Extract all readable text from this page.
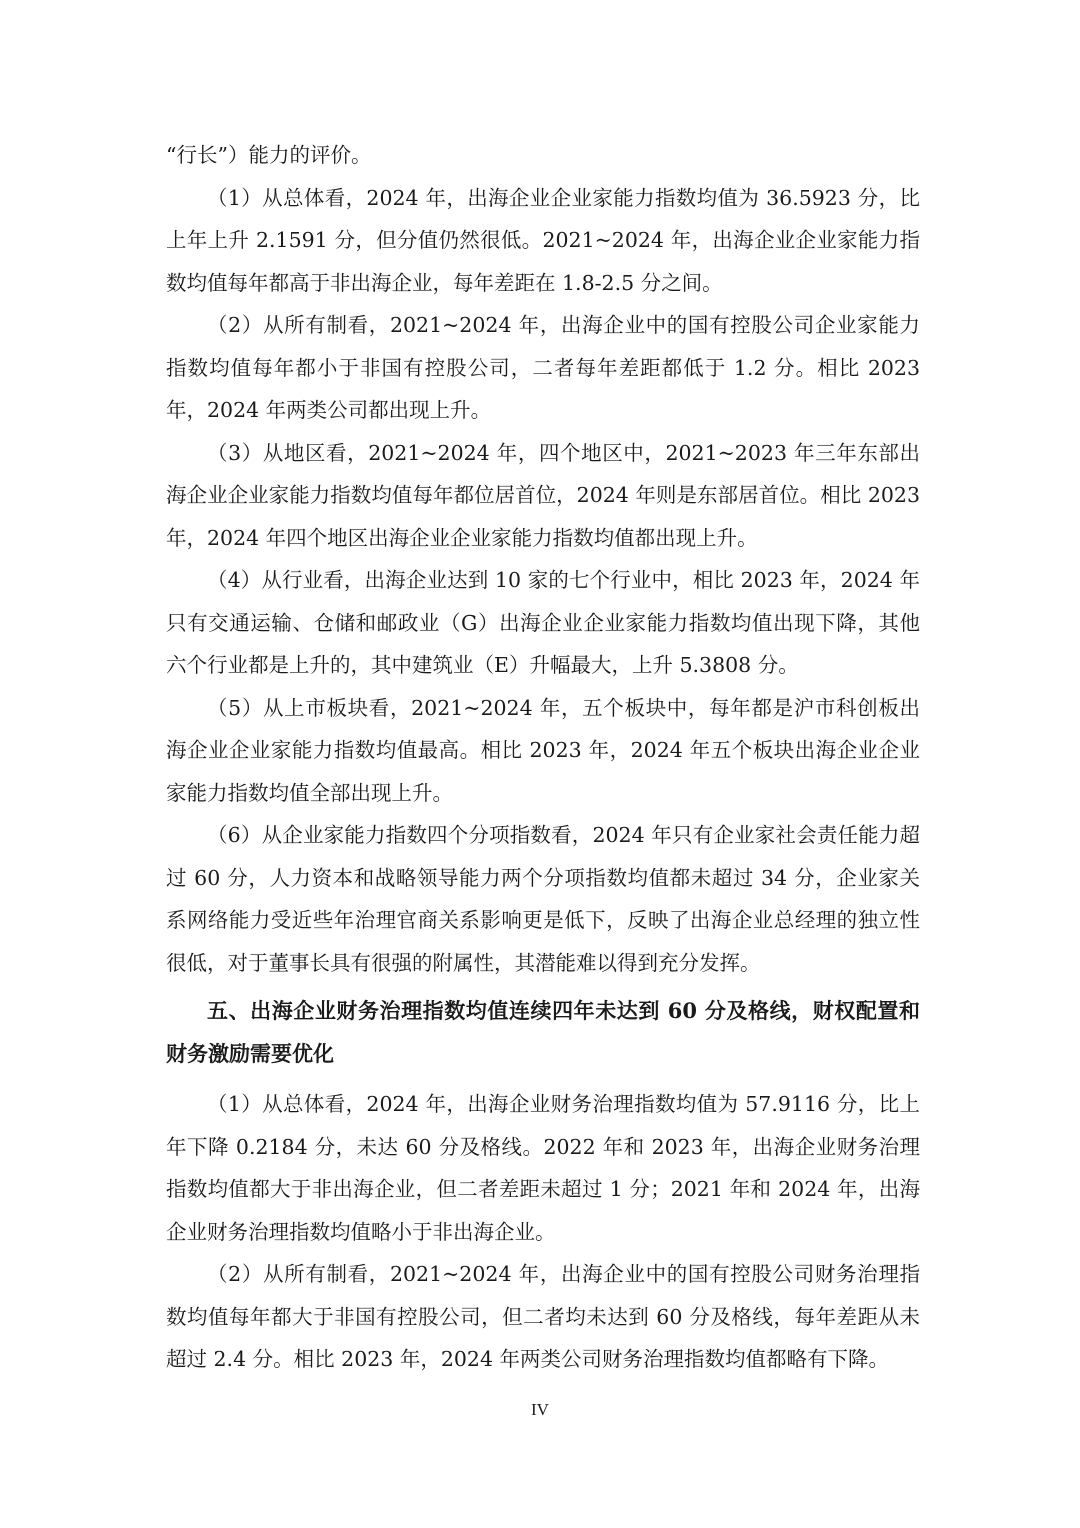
“行长”）能力的评价。

（1）从总体看，2024 年，出海企业企业家能力指数均值为 36.5923 分，比上年上升 2.1591 分，但分值仍然很低。2021~2024 年，出海企业企业家能力指数均值每年都高于非出海企业，每年差距在 1.8-2.5 分之间。

（2）从所有制看，2021~2024 年，出海企业中的国有控股公司企业家能力指数均值每年都小于非国有控股公司，二者每年差距都低于 1.2 分。相比 2023 年，2024 年两类公司都出现上升。

（3）从地区看，2021~2024 年，四个地区中，2021~2023 年三年东部出海企业企业家能力指数均值每年都位居首位，2024 年则是东部居首位。相比 2023 年，2024 年四个地区出海企业企业家能力指数均值都出现上升。

（4）从行业看，出海企业达到 10 家的七个行业中，相比 2023 年，2024 年只有交通运输、仓储和邮政业（G）出海企业企业家能力指数均值出现下降，其他六个行业都是上升的，其中建筑业（E）升幅最大，上升 5.3808 分。

（5）从上市板块看，2021~2024 年，五个板块中，每年都是沪市科创板出海企业企业家能力指数均值最高。相比 2023 年，2024 年五个板块出海企业企业家能力指数均值全部出现上升。

（6）从企业家能力指数四个分项指数看，2024 年只有企业家社会责任能力超过 60 分，人力资本和战略领导能力两个分项指数均值都未超过 34 分，企业家关系网络能力受近些年治理官商关系影响更是低下，反映了出海企业总经理的独立性很低，对于董事长具有很强的附属性，其潜能难以得到充分发挥。

五、出海企业财务治理指数均值连续四年未达到 60 分及格线，财权配置和财务激励需要优化

（1）从总体看，2024 年，出海企业财务治理指数均值为 57.9116 分，比上年下降 0.2184 分，未达 60 分及格线。2022 年和 2023 年，出海企业财务治理指数均值都大于非出海企业，但二者差距未超过 1 分；2021 年和 2024 年，出海企业财务治理指数均值略小于非出海企业。

（2）从所有制看，2021~2024 年，出海企业中的国有控股公司财务治理指数均值每年都大于非国有控股公司，但二者均未达到 60 分及格线，每年差距从未超过 2.4 分。相比 2023 年，2024 年两类公司财务治理指数均值都略有下降。

IV
